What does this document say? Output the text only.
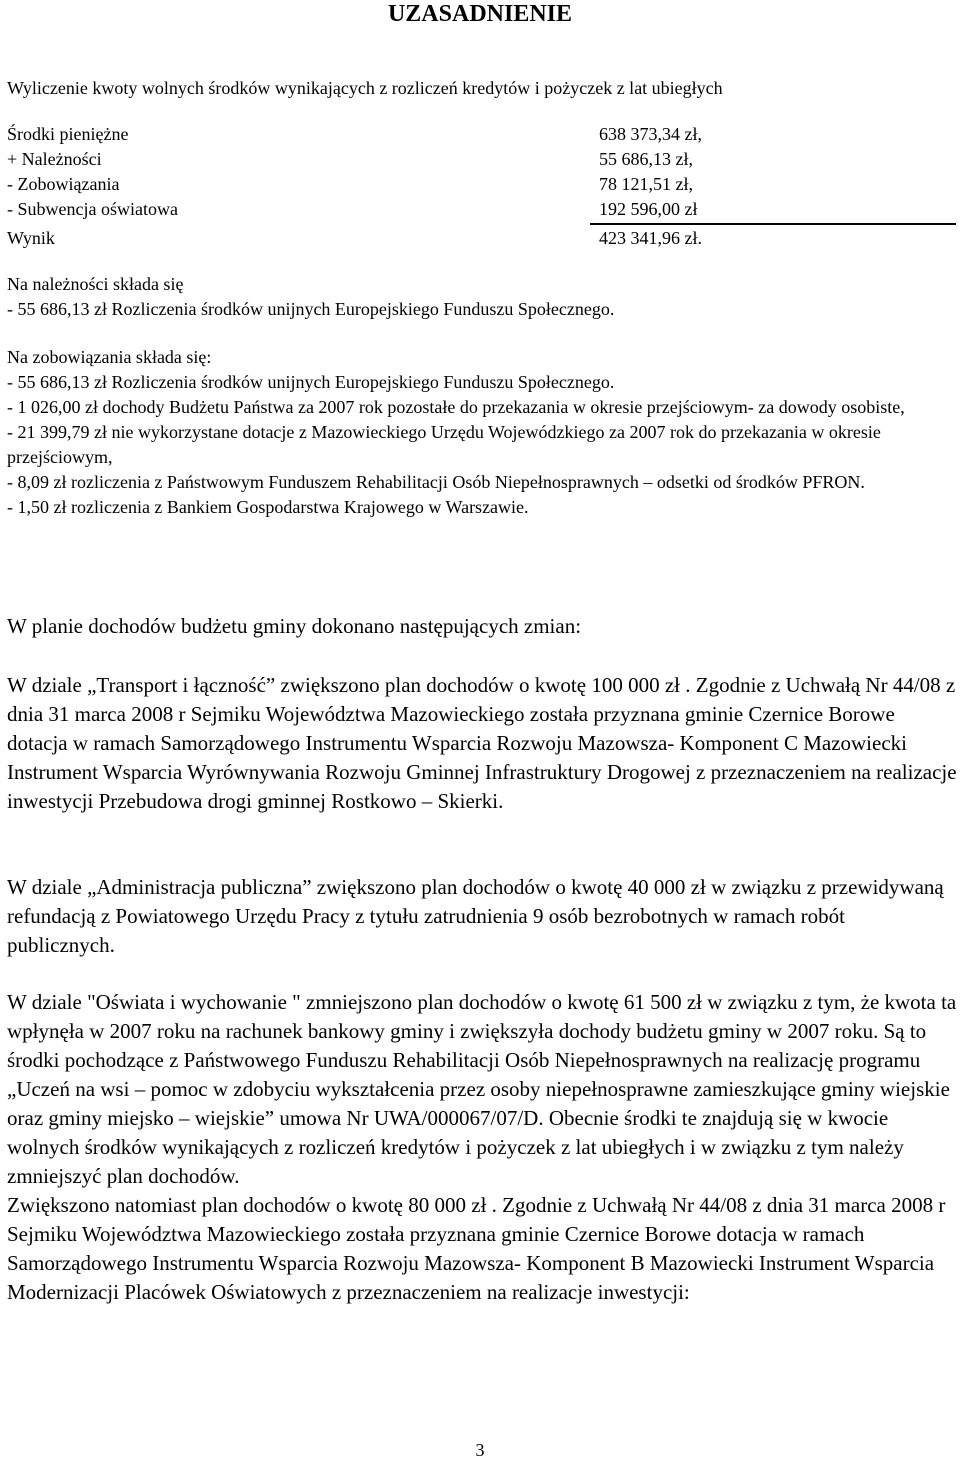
UZASADNIENIE

Wyliczenie kwoty wolnych środków wynikających z rozliczeń kredytów i pożyczek z lat ubiegłych

Środki pieniężne	638 373,34 zł,

+ Należności	55 686,13 zł,

- Zobowiązania	78 121,51 zł,

- Subwencja oświatowa	192 596,00 zł

Wynik	423 341,96 zł.

Na należności składa się

- 55 686,13 zł Rozliczenia środków unijnych Europejskiego Funduszu Społecznego.

Na zobowiązania składa się:

- 55 686,13 zł Rozliczenia środków unijnych Europejskiego Funduszu Społecznego.

- 1 026,00 zł dochody Budżetu Państwa za 2007 rok pozostałe do przekazania w okresie przejściowym- za dowody osobiste,

- 21 399,79 zł nie wykorzystane dotacje z Mazowieckiego Urzędu Wojewódzkiego za 2007 rok do przekazania w okresie przejściowym,

- 8,09 zł rozliczenia z Państwowym Funduszem Rehabilitacji Osób Niepełnosprawnych – odsetki od środków PFRON.

- 1,50 zł rozliczenia z Bankiem Gospodarstwa Krajowego w Warszawie.

W planie dochodów budżetu gminy dokonano następujących zmian:

W dziale „Transport i łączność” zwiększono plan dochodów o kwotę 100 000 zł . Zgodnie z Uchwałą Nr 44/08 z dnia 31 marca 2008 r Sejmiku Województwa Mazowieckiego została przyznana gminie Czernice Borowe dotacja w ramach Samorządowego Instrumentu Wsparcia Rozwoju Mazowsza- Komponent C Mazowiecki Instrument Wsparcia Wyrównywania Rozwoju Gminnej Infrastruktury Drogowej z przeznaczeniem na realizacje inwestycji Przebudowa drogi gminnej Rostkowo – Skierki.

W dziale „Administracja publiczna” zwiększono plan dochodów o kwotę 40 000 zł w związku z przewidywaną refundacją z Powiatowego Urzędu Pracy z tytułu zatrudnienia 9 osób bezrobotnych w ramach robót publicznych.

W dziale "Oświata i wychowanie " zmniejszono plan dochodów o kwotę 61 500 zł w związku z tym, że kwota ta wpłynęła w 2007 roku na rachunek bankowy gminy i zwiększyła dochody budżetu gminy w 2007 roku. Są to środki pochodzące z Państwowego Funduszu Rehabilitacji Osób Niepełnosprawnych na realizację programu „Uczeń na wsi – pomoc w zdobyciu wykształcenia przez osoby niepełnosprawne zamieszkujące gminy wiejskie oraz gminy miejsko – wiejskie” umowa Nr UWA/000067/07/D. Obecnie środki te znajdują się w kwocie wolnych środków wynikających z rozliczeń kredytów i pożyczek z lat ubiegłych i w związku z tym należy zmniejszyć plan dochodów.

Zwiększono natomiast plan dochodów o kwotę 80 000 zł . Zgodnie z Uchwałą Nr 44/08 z dnia 31 marca 2008 r Sejmiku Województwa Mazowieckiego została przyznana gminie Czernice Borowe dotacja w ramach Samorządowego Instrumentu Wsparcia Rozwoju Mazowsza- Komponent B Mazowiecki Instrument Wsparcia Modernizacji Placówek Oświatowych z przeznaczeniem na realizacje inwestycji:

3
